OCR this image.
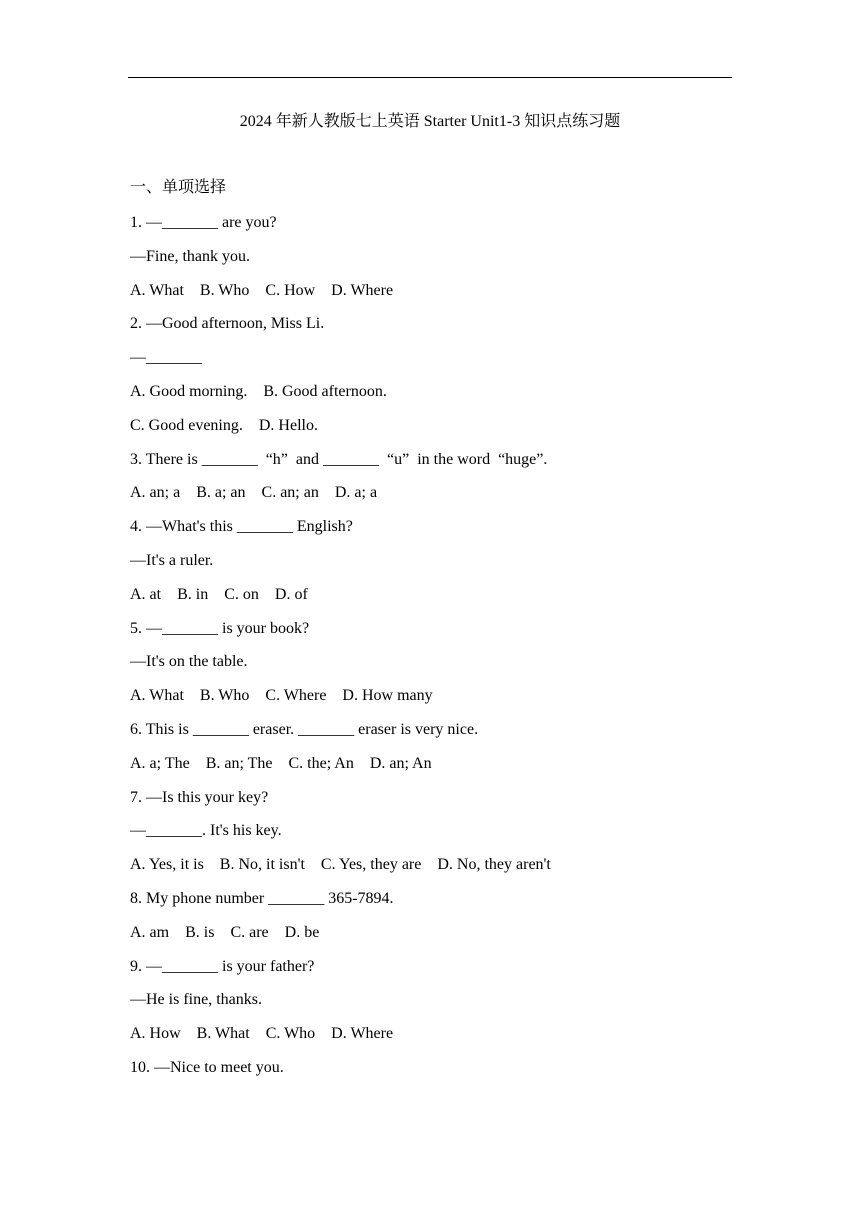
2024 年新人教版七上英语 Starter Unit1-3 知识点练习题
一、单项选择
1. —_______ are you?
—Fine, thank you.
A. What    B. Who    C. How    D. Where
2. —Good afternoon, Miss Li.
—_______
A. Good morning.    B. Good afternoon.
C. Good evening.    D. Hello.
3. There is _______  “h”  and _______  “u”  in the word  “huge”.
A. an; a    B. a; an    C. an; an    D. a; a
4. —What's this _______ English?
—It's a ruler.
A. at    B. in    C. on    D. of
5. —_______ is your book?
—It's on the table.
A. What    B. Who    C. Where    D. How many
6. This is _______ eraser. _______ eraser is very nice.
A. a; The    B. an; The    C. the; An    D. an; An
7. —Is this your key?
—_______. It's his key.
A. Yes, it is    B. No, it isn't    C. Yes, they are    D. No, they aren't
8. My phone number _______ 365-7894.
A. am    B. is    C. are    D. be
9. —_______ is your father?
—He is fine, thanks.
A. How    B. What    C. Who    D. Where
10. —Nice to meet you.
